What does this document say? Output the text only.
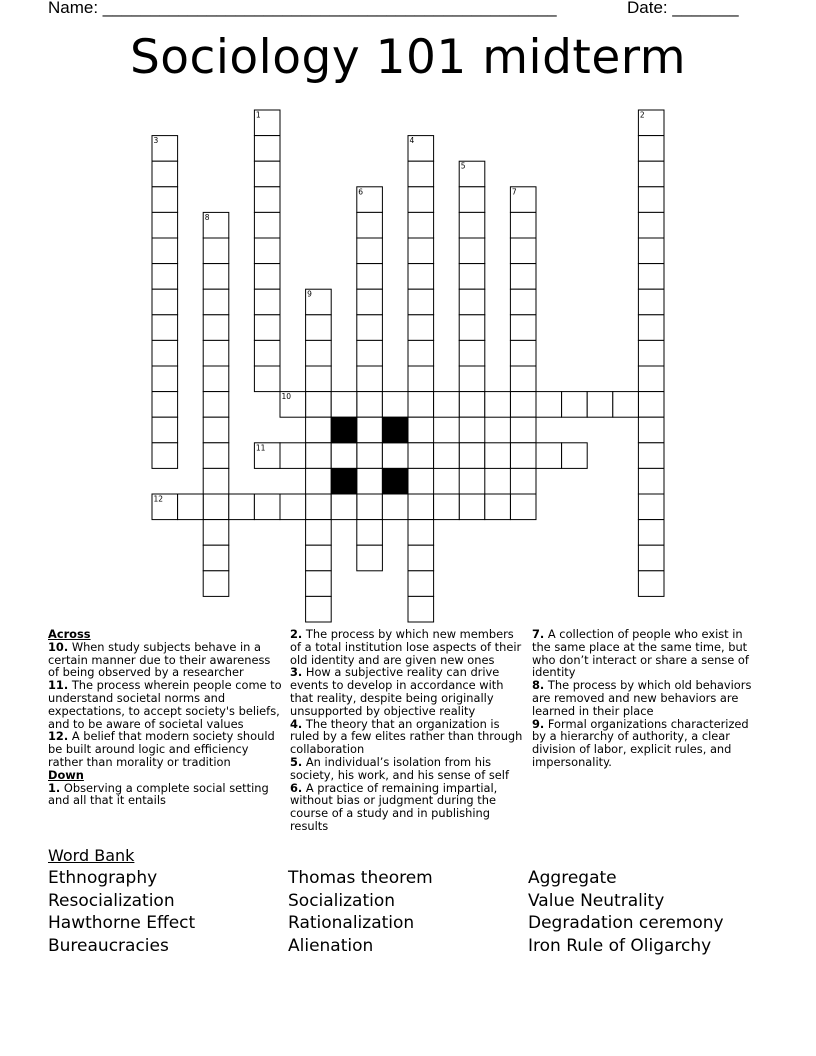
Name: ________________________________________________	Date: _______
Sociology 101 midterm
1	2
3	4
5
6	7
8
9
10
11
12
Across

10. When study subjects behave in a certain manner due to their awareness of being observed by a researcher

11. The process wherein people come to understand societal norms and expectations, to accept society's beliefs, and to be aware of societal values

12. A belief that modern society should be built around logic and efficiency rather than morality or tradition

Down

1. Observing a complete social setting and all that it entails

2. The process by which new members of a total institution lose aspects of their old identity and are given new ones

3. How a subjective reality can drive events to develop in accordance with that reality, despite being originally unsupported by objective reality

4. The theory that an organization is ruled by a few elites rather than through collaboration

5. An individual’s isolation from his society, his work, and his sense of self

6. A practice of remaining impartial, without bias or judgment during the course of a study and in publishing results

7. A collection of people who exist in the same place at the same time, but who don’t interact or share a sense of identity

8. The process by which old behaviors are removed and new behaviors are learned in their place

9. Formal organizations characterized by a hierarchy of authority, a clear division of labor, explicit rules, and impersonality.

Word Bank
Ethnography
Resocialization
Hawthorne Effect
Bureaucracies
Thomas theorem
Socialization
Rationalization
Alienation
Aggregate
Value Neutrality
Degradation ceremony
Iron Rule of Oligarchy
